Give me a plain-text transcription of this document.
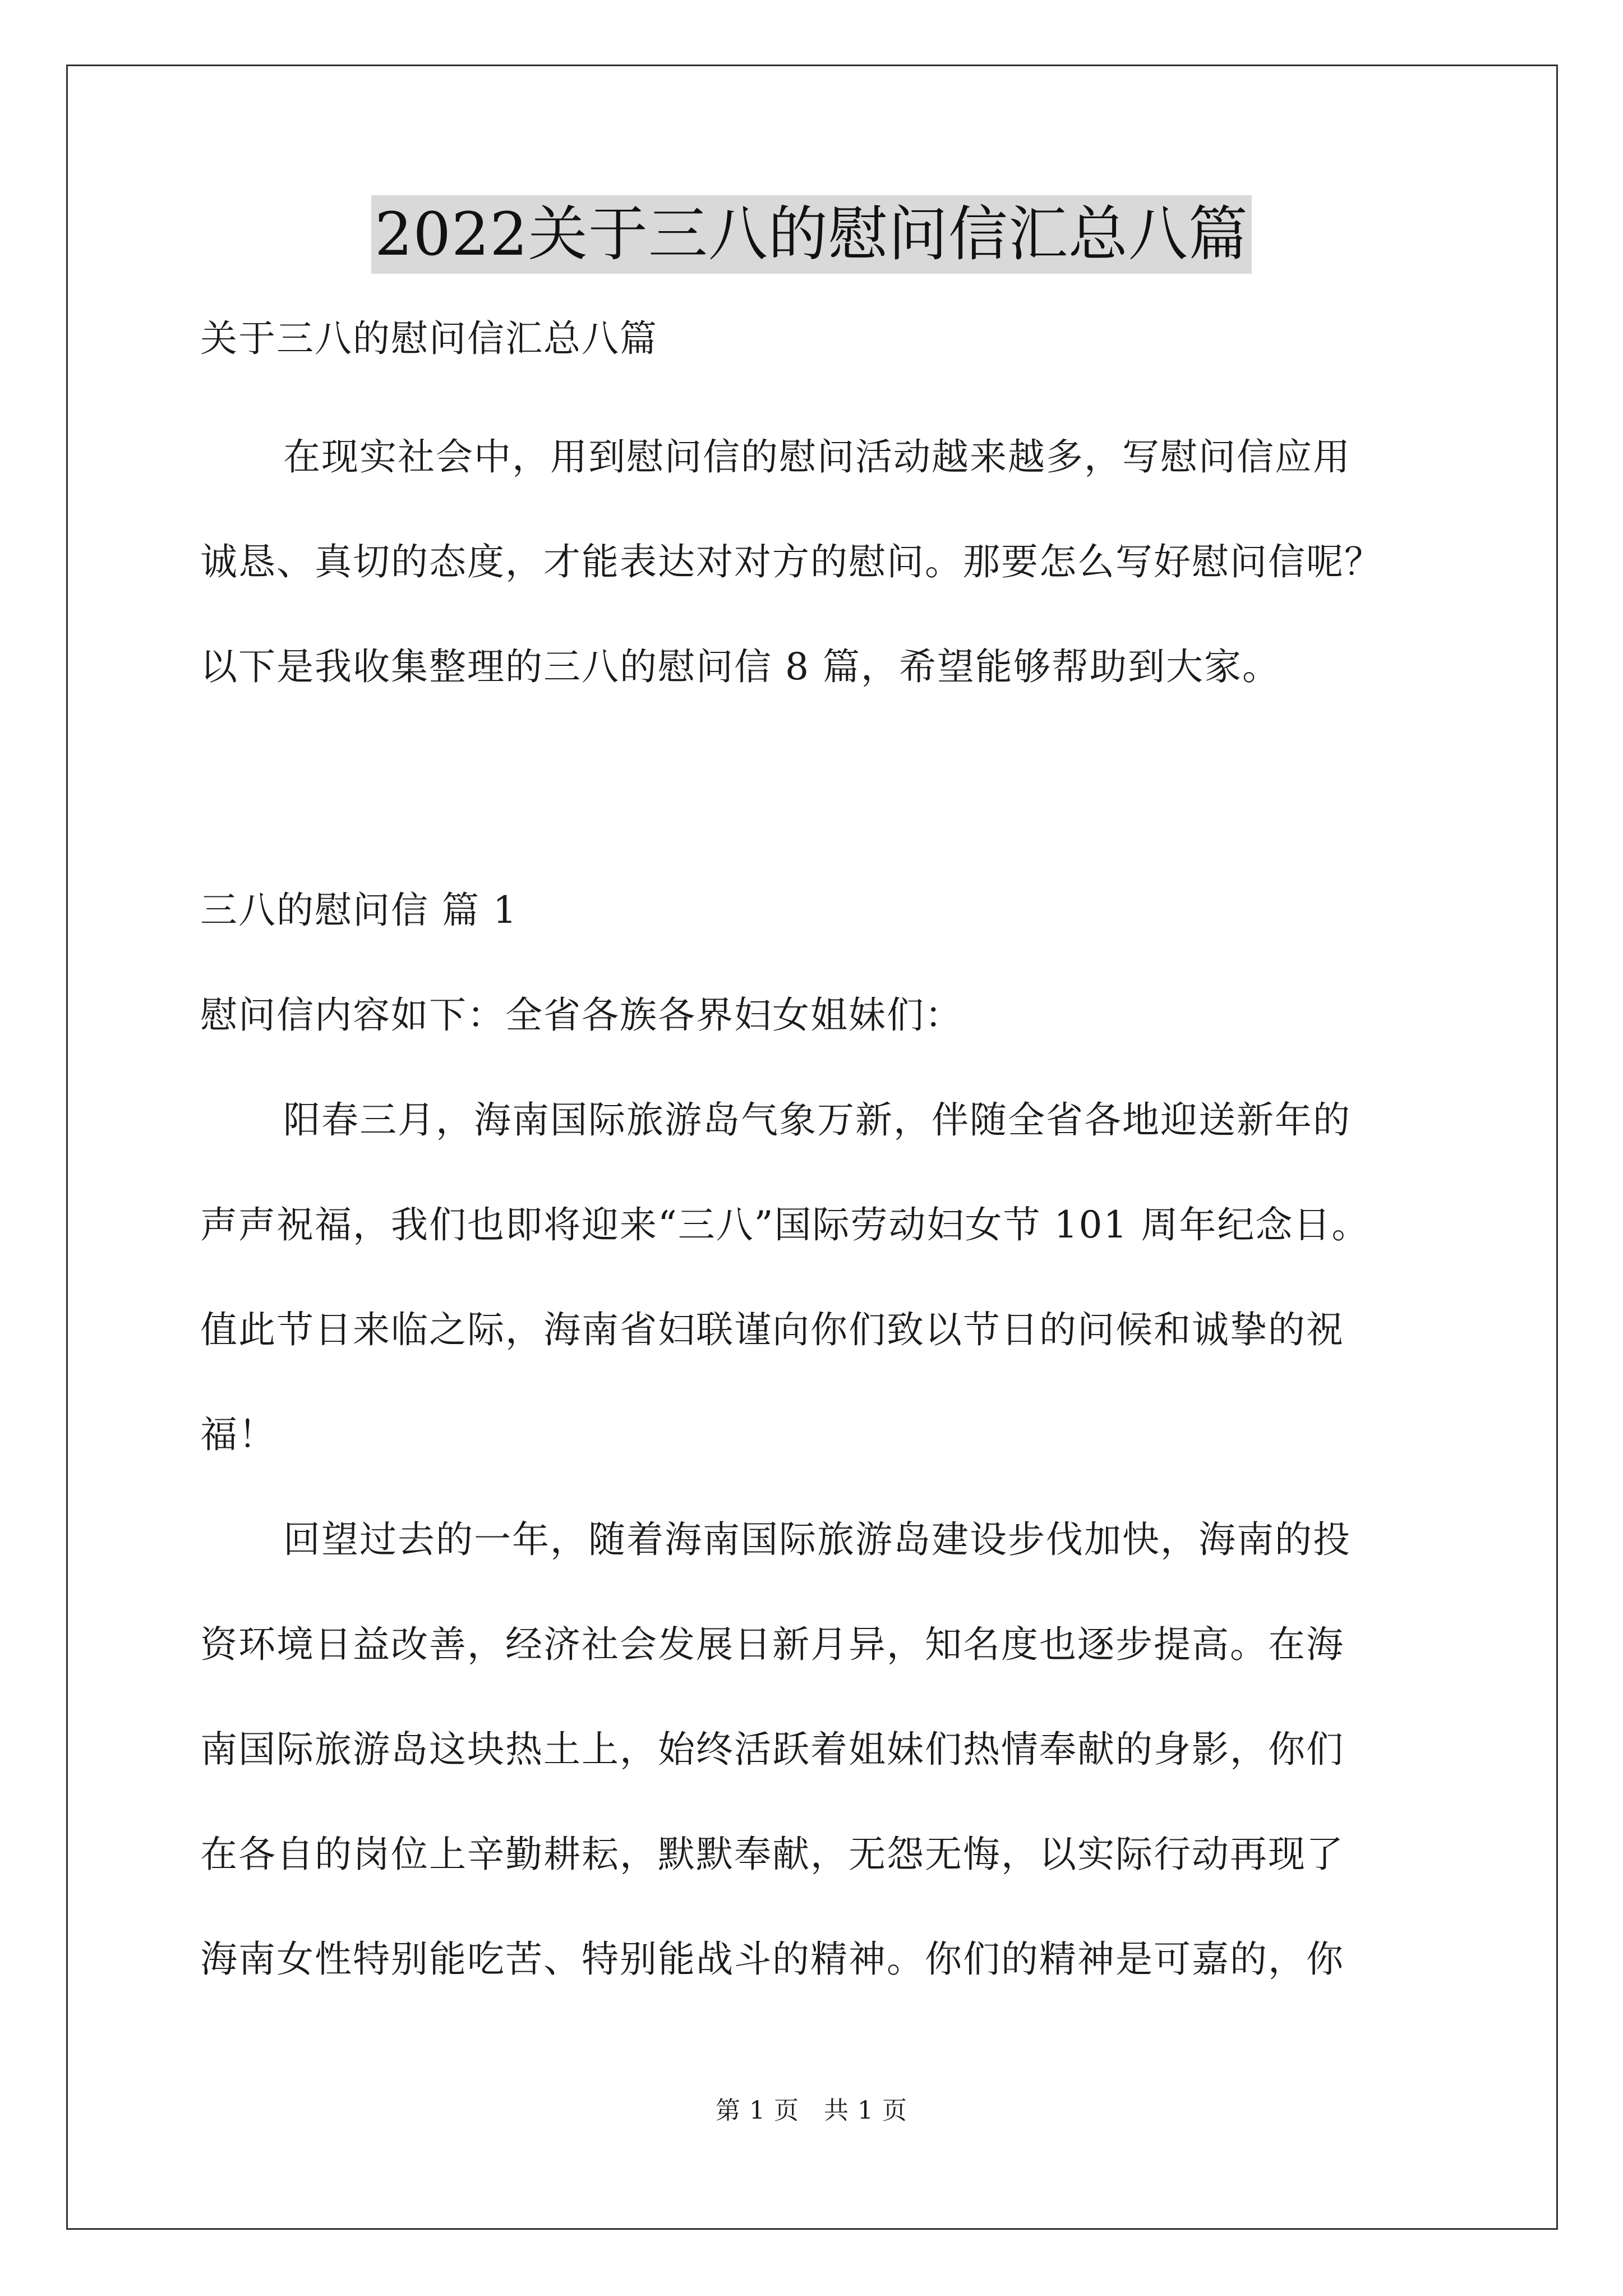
2022关于三八的慰问信汇总八篇
关于三八的慰问信汇总八篇
在现实社会中，用到慰问信的慰问活动越来越多，写慰问信应用
诚恳、真切的态度，才能表达对对方的慰问。那要怎么写好慰问信呢？
以下是我收集整理的三八的慰问信 8 篇，希望能够帮助到大家。
三八的慰问信 篇 1
慰问信内容如下：全省各族各界妇女姐妹们：
阳春三月，海南国际旅游岛气象万新，伴随全省各地迎送新年的
声声祝福，我们也即将迎来“三八”国际劳动妇女节 101 周年纪念日。
值此节日来临之际，海南省妇联谨向你们致以节日的问候和诚挚的祝
福！
回望过去的一年，随着海南国际旅游岛建设步伐加快，海南的投
资环境日益改善，经济社会发展日新月异，知名度也逐步提高。在海
南国际旅游岛这块热土上，始终活跃着姐妹们热情奉献的身影，你们
在各自的岗位上辛勤耕耘，默默奉献，无怨无悔，以实际行动再现了
海南女性特别能吃苦、特别能战斗的精神。你们的精神是可嘉的，你
第 1 页 共 1 页
